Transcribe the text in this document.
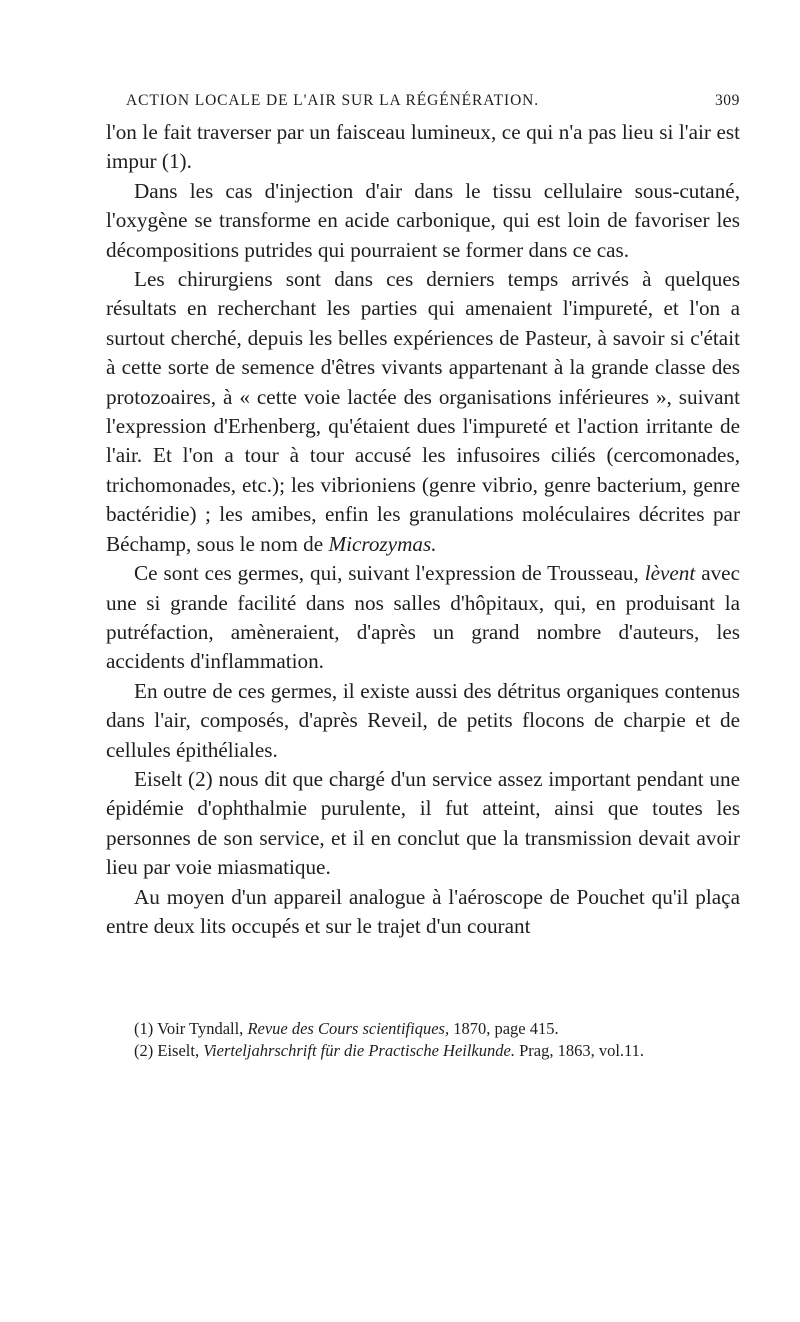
ACTION LOCALE DE L'AIR SUR LA RÉGÉNÉRATION.	309

l'on le fait traverser par un faisceau lumineux, ce qui n'a pas lieu si l'air est impur (1).

Dans les cas d'injection d'air dans le tissu cellulaire sous-cutané, l'oxygène se transforme en acide carbonique, qui est loin de favoriser les décompositions putrides qui pourraient se former dans ce cas.

Les chirurgiens sont dans ces derniers temps arrivés à quelques résultats en recherchant les parties qui amenaient l'impureté, et l'on a surtout cherché, depuis les belles expériences de Pasteur, à savoir si c'était à cette sorte de semence d'êtres vivants appartenant à la grande classe des protozoaires, à « cette voie lactée des organisations inférieures », suivant l'expression d'Erhenberg, qu'étaient dues l'impureté et l'action irritante de l'air. Et l'on a tour à tour accusé les infusoires ciliés (cercomonades, trichomonades, etc.); les vibrioniens (genre vibrio, genre bacterium, genre bactéridie) ; les amibes, enfin les granulations moléculaires décrites par Béchamp, sous le nom de Microzymas.

Ce sont ces germes, qui, suivant l'expression de Trousseau, lèvent avec une si grande facilité dans nos salles d'hôpitaux, qui, en produisant la putréfaction, amèneraient, d'après un grand nombre d'auteurs, les accidents d'inflammation.

En outre de ces germes, il existe aussi des détritus organiques contenus dans l'air, composés, d'après Reveil, de petits flocons de charpie et de cellules épithéliales.

Eiselt (2) nous dit que chargé d'un service assez important pendant une épidémie d'ophthalmie purulente, il fut atteint, ainsi que toutes les personnes de son service, et il en conclut que la transmission devait avoir lieu par voie miasmatique.

Au moyen d'un appareil analogue à l'aéroscope de Pouchet qu'il plaça entre deux lits occupés et sur le trajet d'un courant

(1) Voir Tyndall, Revue des Cours scientifiques, 1870, page 415.

(2) Eiselt, Vierteljahrschrift für die Practische Heilkunde. Prag, 1863, vol.11.
